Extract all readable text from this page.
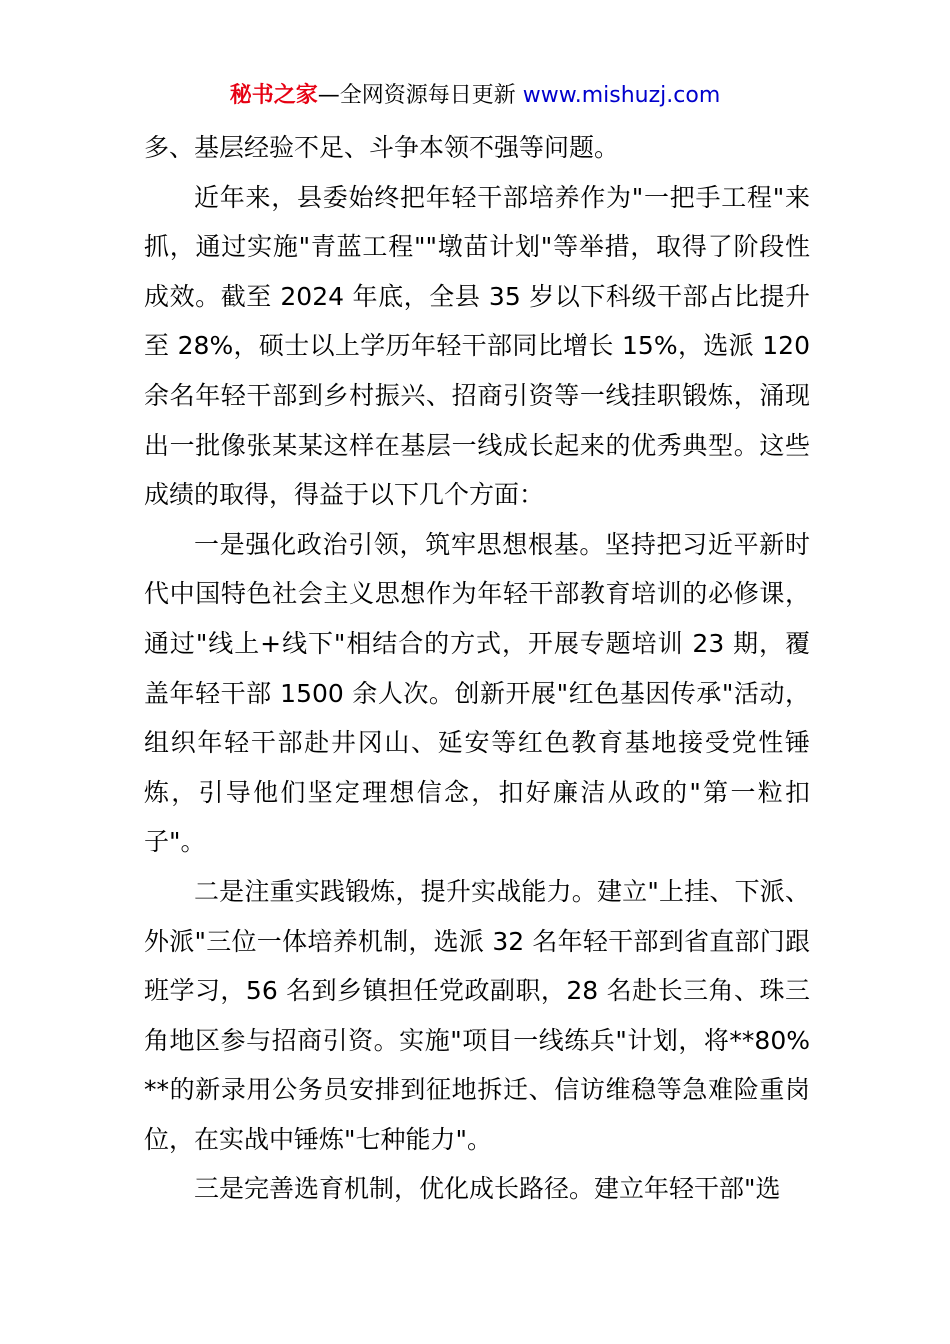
秘书之家—全网资源每日更新 www.mishuzj.com

多、基层经验不足、斗争本领不强等问题。

近年来，县委始终把年轻干部培养作为"一把手工程"来抓，通过实施"青蓝工程""墩苗计划"等举措，取得了阶段性成效。截至 2024 年底，全县 35 岁以下科级干部占比提升至 28%，硕士以上学历年轻干部同比增长 15%，选派 120 余名年轻干部到乡村振兴、招商引资等一线挂职锻炼，涌现出一批像张某某这样在基层一线成长起来的优秀典型。这些成绩的取得，得益于以下几个方面：

一是强化政治引领，筑牢思想根基。坚持把习近平新时代中国特色社会主义思想作为年轻干部教育培训的必修课，通过"线上+线下"相结合的方式，开展专题培训 23 期，覆盖年轻干部 1500 余人次。创新开展"红色基因传承"活动，组织年轻干部赴井冈山、延安等红色教育基地接受党性锤炼，引导他们坚定理想信念，扣好廉洁从政的"第一粒扣子"。

二是注重实践锻炼，提升实战能力。建立"上挂、下派、外派"三位一体培养机制，选派 32 名年轻干部到省直部门跟班学习，56 名到乡镇担任党政副职，28 名赴长三角、珠三角地区参与招商引资。实施"项目一线练兵"计划，将**80%**的新录用公务员安排到征地拆迁、信访维稳等急难险重岗位，在实战中锤炼"七种能力"。

三是完善选育机制，优化成长路径。建立年轻干部"选
